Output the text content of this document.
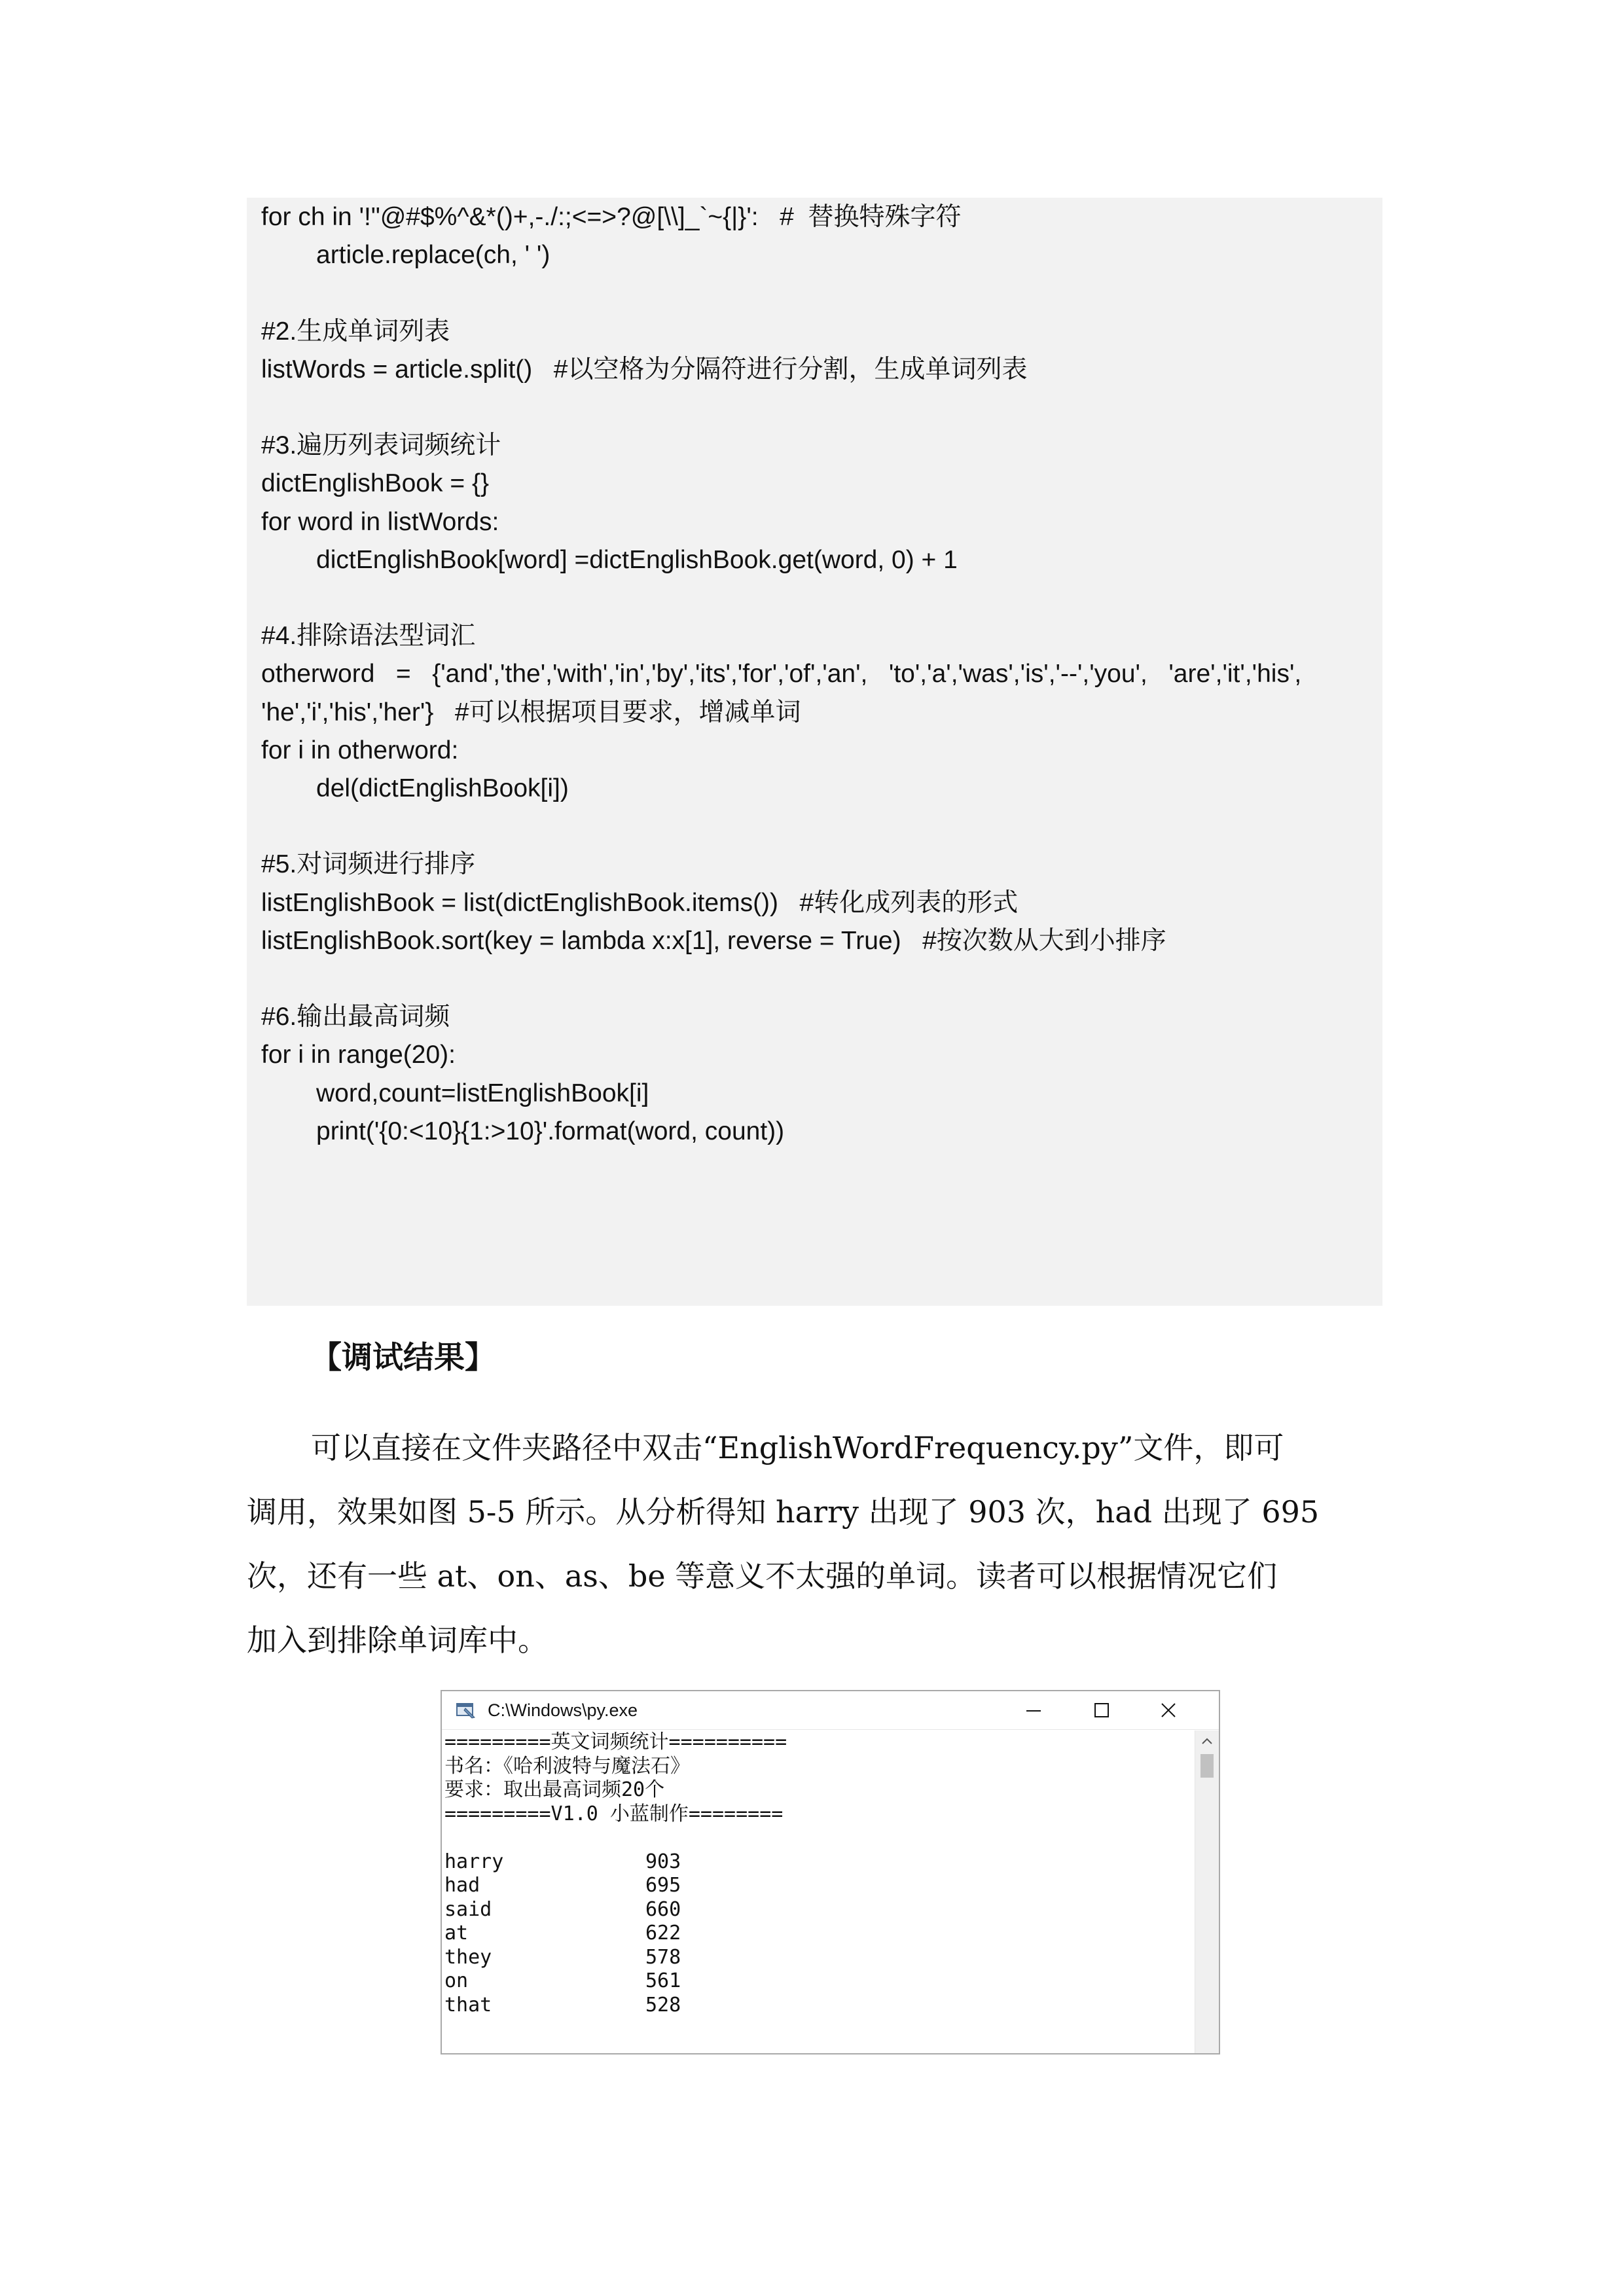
for ch in '!"@#$%^&*()+,-./:;<=>?@[\\]_`~{|}':   #  替换特殊字符
article.replace(ch, ' ')
#2.生成单词列表
listWords = article.split()   #以空格为分隔符进行分割，生成单词列表
#3.遍历列表词频统计
dictEnglishBook = {}
for word in listWords:
dictEnglishBook[word] =dictEnglishBook.get(word, 0) + 1
#4.排除语法型词汇
otherword   =   {'and','the','with','in','by','its','for','of','an',   'to','a','was','is','--','you',   'are','it','his',
'he','i','his','her'}   #可以根据项目要求，增减单词
for i in otherword:
del(dictEnglishBook[i])
#5.对词频进行排序
listEnglishBook = list(dictEnglishBook.items())   #转化成列表的形式
listEnglishBook.sort(key = lambda x:x[1], reverse = True)   #按次数从大到小排序
#6.输出最高词频
for i in range(20):
word,count=listEnglishBook[i]
print('{0:<10}{1:>10}'.format(word, count))
【调试结果】
可以直接在文件夹路径中双击“EnglishWordFrequency.py”文件，即可
调用，效果如图 5-5 所示。从分析得知 harry 出现了 903 次，had 出现了 695
次，还有一些 at、on、as、be 等意义不太强的单词。读者可以根据情况它们
加入到排除单词库中。
C:\Windows\py.exe
=========英文词频统计==========
书名：《哈利波特与魔法石》
要求：取出最高词频20个
=========V1.0 小蓝制作========
harry	903
had	695
said	660
at	622
they	578
on	561
that	528
